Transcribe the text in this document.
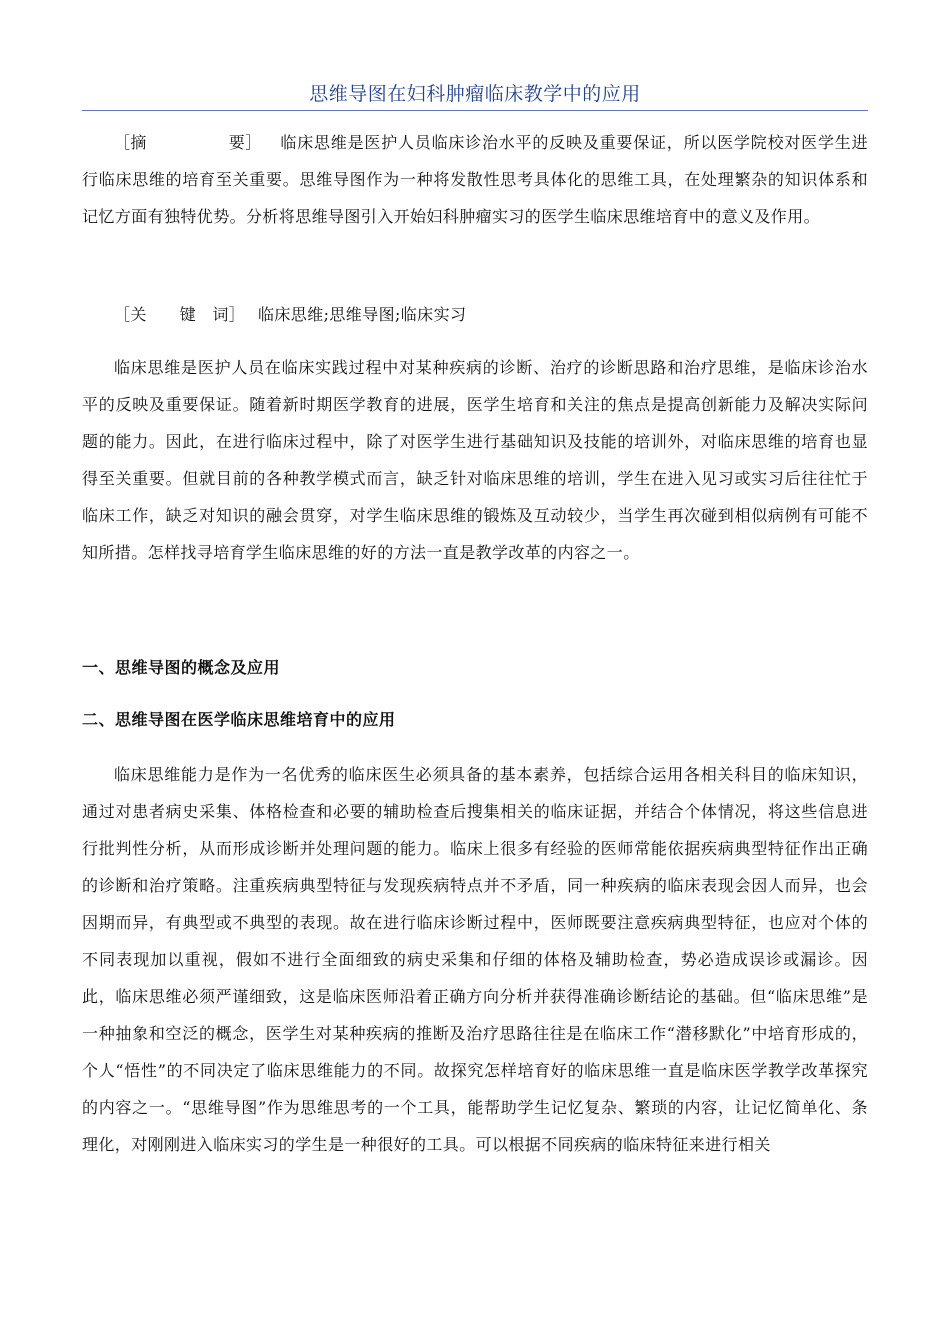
思维导图在妇科肿瘤临床教学中的应用
［摘　　　　　要］ 临床思维是医护人员临床诊治水平的反映及重要保证，所以医学院校对医学生进行临床思维的培育至关重要。思维导图作为一种将发散性思考具体化的思维工具，在处理繁杂的知识体系和记忆方面有独特优势。分析将思维导图引入开始妇科肿瘤实习的医学生临床思维培育中的意义及作用。
［关　　键　词］ 临床思维;思维导图;临床实习
临床思维是医护人员在临床实践过程中对某种疾病的诊断、治疗的诊断思路和治疗思维，是临床诊治水平的反映及重要保证。随着新时期医学教育的进展，医学生培育和关注的焦点是提高创新能力及解决实际问题的能力。因此，在进行临床过程中，除了对医学生进行基础知识及技能的培训外，对临床思维的培育也显得至关重要。但就目前的各种教学模式而言，缺乏针对临床思维的培训，学生在进入见习或实习后往往忙于临床工作，缺乏对知识的融会贯穿，对学生临床思维的锻炼及互动较少，当学生再次碰到相似病例有可能不知所措。怎样找寻培育学生临床思维的好的方法一直是教学改革的内容之一。
一、思维导图的概念及应用
二、思维导图在医学临床思维培育中的应用
临床思维能力是作为一名优秀的临床医生必须具备的基本素养，包括综合运用各相关科目的临床知识，通过对患者病史采集、体格检查和必要的辅助检查后搜集相关的临床证据，并结合个体情况，将这些信息进行批判性分析，从而形成诊断并处理问题的能力。临床上很多有经验的医师常能依据疾病典型特征作出正确的诊断和治疗策略。注重疾病典型特征与发现疾病特点并不矛盾，同一种疾病的临床表现会因人而异，也会因期而异，有典型或不典型的表现。故在进行临床诊断过程中，医师既要注意疾病典型特征，也应对个体的不同表现加以重视，假如不进行全面细致的病史采集和仔细的体格及辅助检查，势必造成误诊或漏诊。因此，临床思维必须严谨细致，这是临床医师沿着正确方向分析并获得准确诊断结论的基础。但“临床思维”是一种抽象和空泛的概念，医学生对某种疾病的推断及治疗思路往往是在临床工作“潜移默化”中培育形成的，个人“悟性”的不同决定了临床思维能力的不同。故探究怎样培育好的临床思维一直是临床医学教学改革探究的内容之一。“思维导图”作为思维思考的一个工具，能帮助学生记忆复杂、繁琐的内容，让记忆简单化、条理化，对刚刚进入临床实习的学生是一种很好的工具。可以根据不同疾病的临床特征来进行相关
